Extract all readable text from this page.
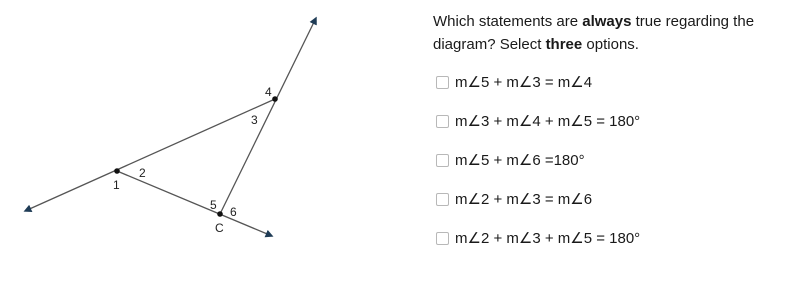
1
2
3
4
5 6
C
Which statements are always true regarding the diagram? Select three options.
m∠5 + m∠3 = m∠4
m∠3 + m∠4 + m∠5 = 180°
m∠5 + m∠6 =180°
m∠2 + m∠3 = m∠6
m∠2 + m∠3 + m∠5 = 180°
